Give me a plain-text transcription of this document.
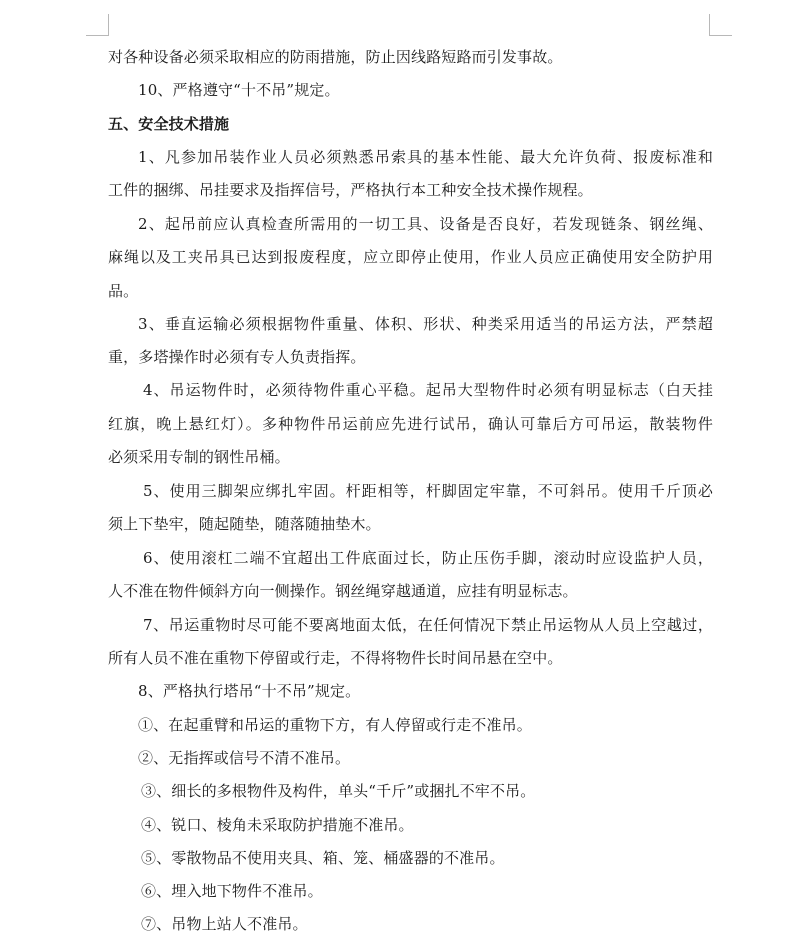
对各种设备必须采取相应的防雨措施，防止因线路短路而引发事故。
10、严格遵守“十不吊”规定。
五、安全技术措施
1、凡参加吊装作业人员必须熟悉吊索具的基本性能、最大允许负荷、报废标准和
工件的捆绑、吊挂要求及指挥信号，严格执行本工种安全技术操作规程。
2、起吊前应认真检查所需用的一切工具、设备是否良好，若发现链条、钢丝绳、
麻绳以及工夹吊具已达到报废程度，应立即停止使用，作业人员应正确使用安全防护用
品。
3、垂直运输必须根据物件重量、体积、形状、种类采用适当的吊运方法，严禁超
重，多塔操作时必须有专人负责指挥。
4、吊运物件时，必须待物件重心平稳。起吊大型物件时必须有明显标志（白天挂
红旗，晚上悬红灯）。多种物件吊运前应先进行试吊，确认可靠后方可吊运，散装物件
必须采用专制的钢性吊桶。
5、使用三脚架应绑扎牢固。杆距相等，杆脚固定牢靠，不可斜吊。使用千斤顶必
须上下垫牢，随起随垫，随落随抽垫木。
6、使用滚杠二端不宜超出工件底面过长，防止压伤手脚，滚动时应设监护人员，
人不准在物件倾斜方向一侧操作。钢丝绳穿越通道，应挂有明显标志。
7、吊运重物时尽可能不要离地面太低，在任何情况下禁止吊运物从人员上空越过，
所有人员不准在重物下停留或行走，不得将物件长时间吊悬在空中。
8、严格执行塔吊“十不吊”规定。
①、在起重臂和吊运的重物下方，有人停留或行走不准吊。
②、无指挥或信号不清不准吊。
③、细长的多根物件及构件，单头“千斤”或捆扎不牢不吊。
④、锐口、棱角未采取防护措施不准吊。
⑤、零散物品不使用夹具、箱、笼、桶盛器的不准吊。
⑥、埋入地下物件不准吊。
⑦、吊物上站人不准吊。
